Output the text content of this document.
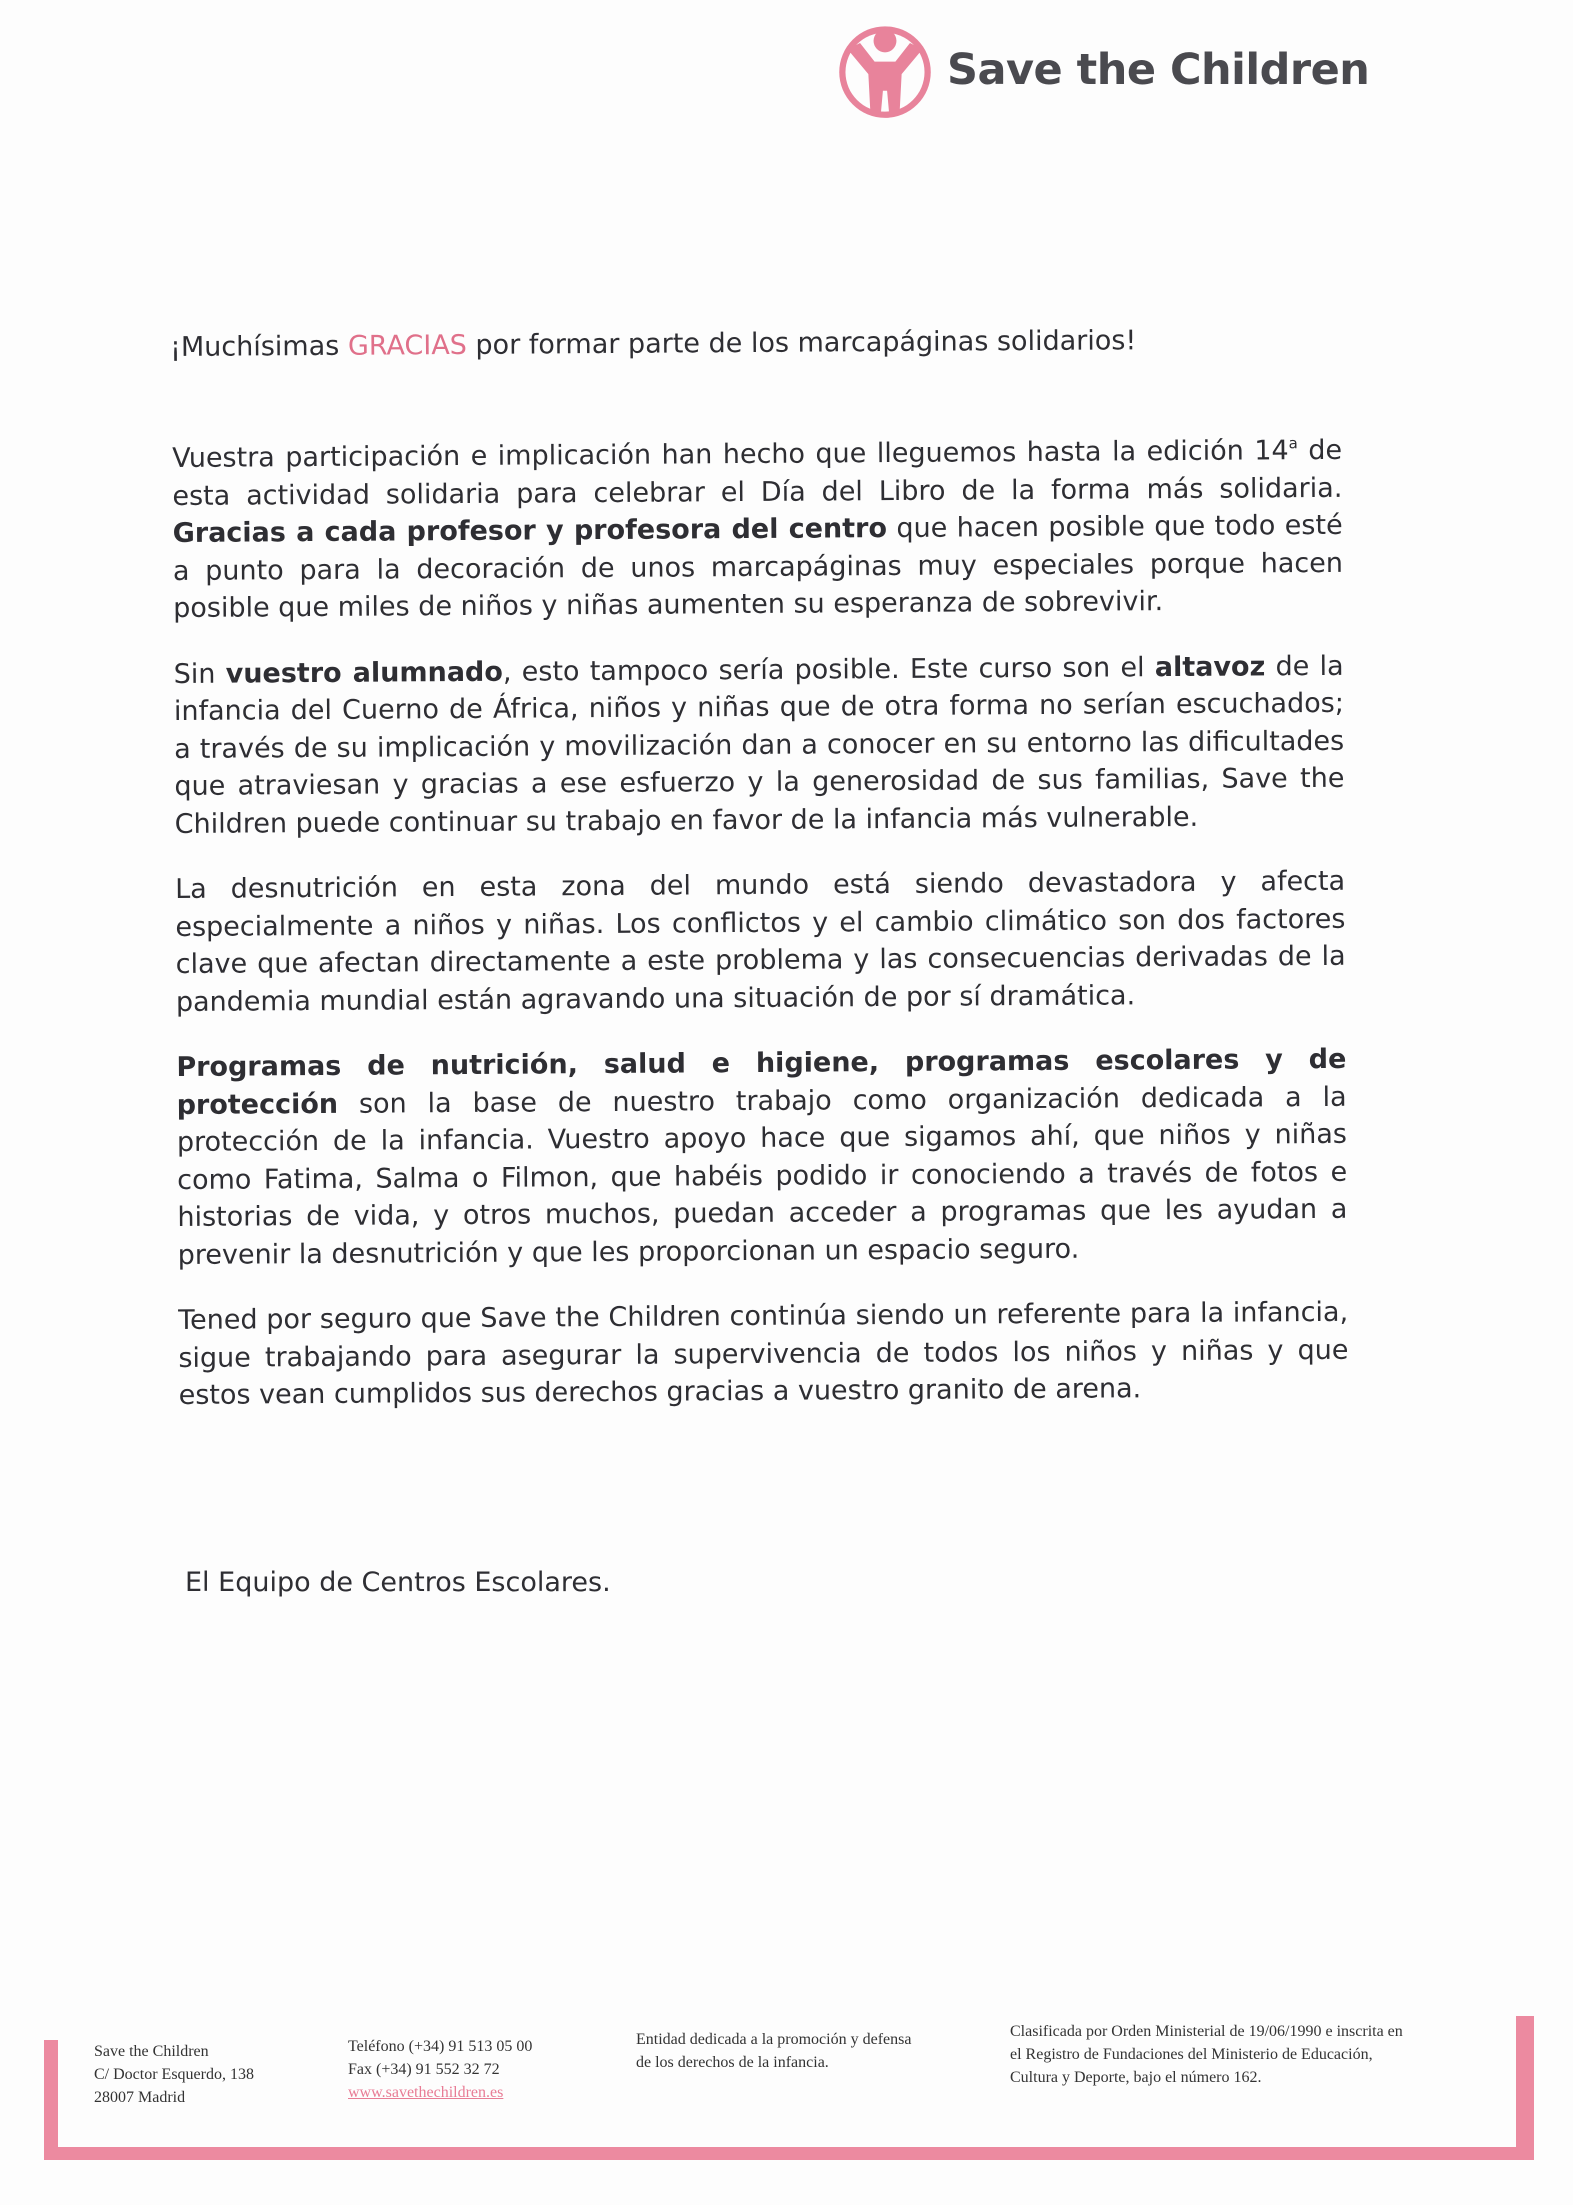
Save the Children
¡Muchísimas GRACIAS por formar parte de los marcapáginas solidarios!

Vuestra participación e implicación han hecho que lleguemos hasta la edición 14$^a$ de esta actividad solidaria para celebrar el Día del Libro de la forma más solidaria. Gracias a cada profesor y profesora del centro que hacen posible que todo esté a punto para la decoración de unos marcapáginas muy especiales porque hacen posible que miles de niños y niñas aumenten su esperanza de sobrevivir.

Sin vuestro alumnado, esto tampoco sería posible. Este curso son el altavoz de la infancia del Cuerno de África, niños y niñas que de otra forma no serían escuchados; a través de su implicación y movilización dan a conocer en su entorno las dificultades que atraviesan y gracias a ese esfuerzo y la generosidad de sus familias, Save the Children puede continuar su trabajo en favor de la infancia más vulnerable.

La desnutrición en esta zona del mundo está siendo devastadora y afecta especialmente a niños y niñas. Los conflictos y el cambio climático son dos factores clave que afectan directamente a este problema y las consecuencias derivadas de la pandemia mundial están agravando una situación de por sí dramática.

Programas de nutrición, salud e higiene, programas escolares y de protección son la base de nuestro trabajo como organización dedicada a la protección de la infancia. Vuestro apoyo hace que sigamos ahí, que niños y niñas como Fatima, Salma o Filmon, que habéis podido ir conociendo a través de fotos e historias de vida, y otros muchos, puedan acceder a programas que les ayudan a prevenir la desnutrición y que les proporcionan un espacio seguro.

Tened por seguro que Save the Children continúa siendo un referente para la infancia, sigue trabajando para asegurar la supervivencia de todos los niños y niñas y que estos vean cumplidos sus derechos gracias a vuestro granito de arena.

El Equipo de Centros Escolares.
Save the Children
C/ Doctor Esquerdo, 138
28007 Madrid
Teléfono (+34) 91 513 05 00
Fax (+34) 91 552 32 72
www.savethechildren.es
Entidad dedicada a la promoción y defensa
de los derechos de la infancia.
Clasificada por Orden Ministerial de 19/06/1990 e inscrita en
el Registro de Fundaciones del Ministerio de Educación,
Cultura y Deporte, bajo el número 162.
